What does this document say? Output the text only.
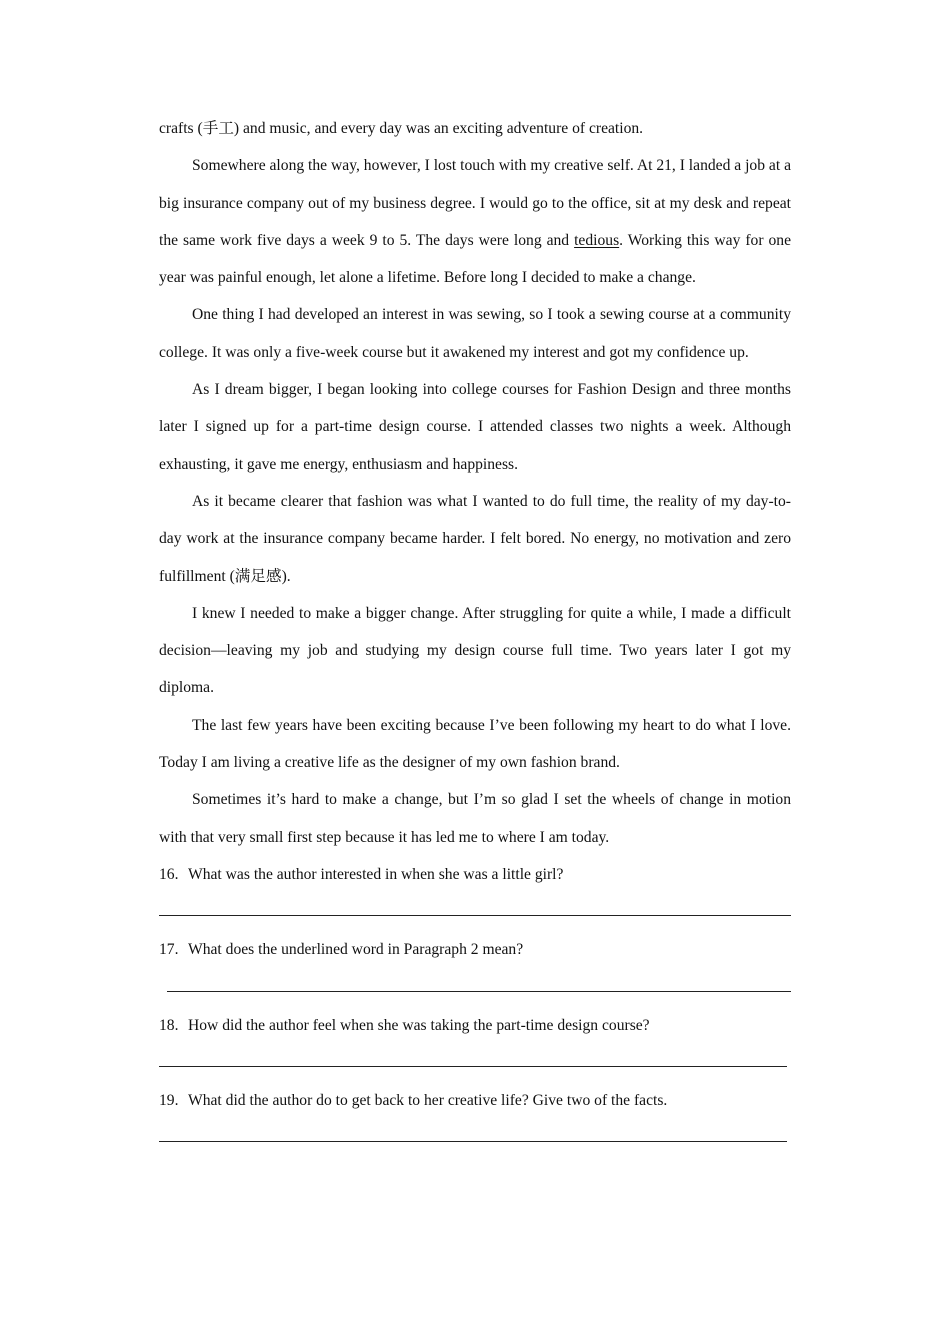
crafts (手工) and music, and every day was an exciting adventure of creation.

Somewhere along the way, however, I lost touch with my creative self. At 21, I landed a job at a big insurance company out of my business degree. I would go to the office, sit at my desk and repeat the same work five days a week 9 to 5. The days were long and tedious. Working this way for one year was painful enough, let alone a lifetime. Before long I decided to make a change.

One thing I had developed an interest in was sewing, so I took a sewing course at a community college. It was only a five-week course but it awakened my interest and got my confidence up.

As I dream bigger, I began looking into college courses for Fashion Design and three months later I signed up for a part-time design course. I attended classes two nights a week. Although exhausting, it gave me energy, enthusiasm and happiness.

As it became clearer that fashion was what I wanted to do full time, the reality of my day-to-day work at the insurance company became harder. I felt bored. No energy, no motivation and zero fulfillment (满足感).

I knew I needed to make a bigger change. After struggling for quite a while, I made a difficult decision—leaving my job and studying my design course full time. Two years later I got my diploma.

The last few years have been exciting because I’ve been following my heart to do what I love. Today I am living a creative life as the designer of my own fashion brand.

Sometimes it’s hard to make a change, but I’m so glad I set the wheels of change in motion with that very small first step because it has led me to where I am today.

16. What was the author interested in when she was a little girl?
17. What does the underlined word in Paragraph 2 mean?
18. How did the author feel when she was taking the part-time design course?
19. What did the author do to get back to her creative life? Give two of the facts.
